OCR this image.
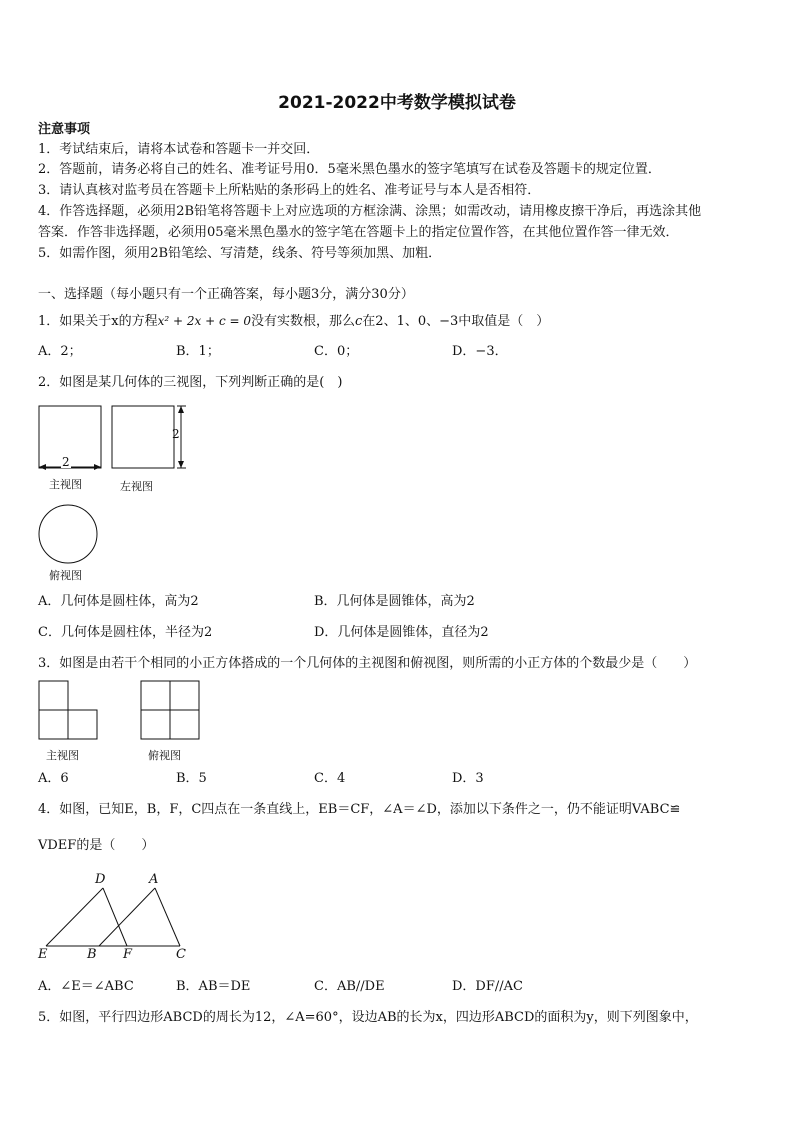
2021-2022中考数学模拟试卷
注意事项
1．考试结束后，请将本试卷和答题卡一并交回．
2．答题前，请务必将自己的姓名、准考证号用0．5毫米黑色墨水的签字笔填写在试卷及答题卡的规定位置．
3．请认真核对监考员在答题卡上所粘贴的条形码上的姓名、准考证号与本人是否相符．
4．作答选择题，必须用2B铅笔将答题卡上对应选项的方框涂满、涂黑；如需改动，请用橡皮擦干净后，再选涂其他
答案．作答非选择题，必须用05毫米黑色墨水的签字笔在答题卡上的指定位置作答，在其他位置作答一律无效．
5．如需作图，须用2B铅笔绘、写清楚，线条、符号等须加黑、加粗．
一、选择题（每小题只有一个正确答案，每小题3分，满分30分）
1．如果关于x的方程x² + 2x + c = 0没有实数根，那么c在2、1、0、−3中取值是（　）
A．2；	B．1；	C．0；	D．−3．
2．如图是某几何体的三视图，下列判断正确的是(　)
2
2
主视图	左视图
俯视图
A．几何体是圆柱体，高为2	B．几何体是圆锥体，高为2
C．几何体是圆柱体，半径为2	D．几何体是圆锥体，直径为2
3．如图是由若干个相同的小正方体搭成的一个几何体的主视图和俯视图，则所需的小正方体的个数最少是（　　）
主视图	俯视图
A．6	B．5	C．4	D．3
4．如图，已知E，B，F，C四点在一条直线上，EB＝CF，∠A＝∠D，添加以下条件之一，仍不能证明VABC≌
VDEF的是（　　）
D	A
E	B F	C
A．∠E＝∠ABC	B．AB＝DE	C．AB//DE	D．DF//AC
5．如图，平行四边形ABCD的周长为12，∠A=60°，设边AB的长为x，四边形ABCD的面积为y，则下列图象中，
